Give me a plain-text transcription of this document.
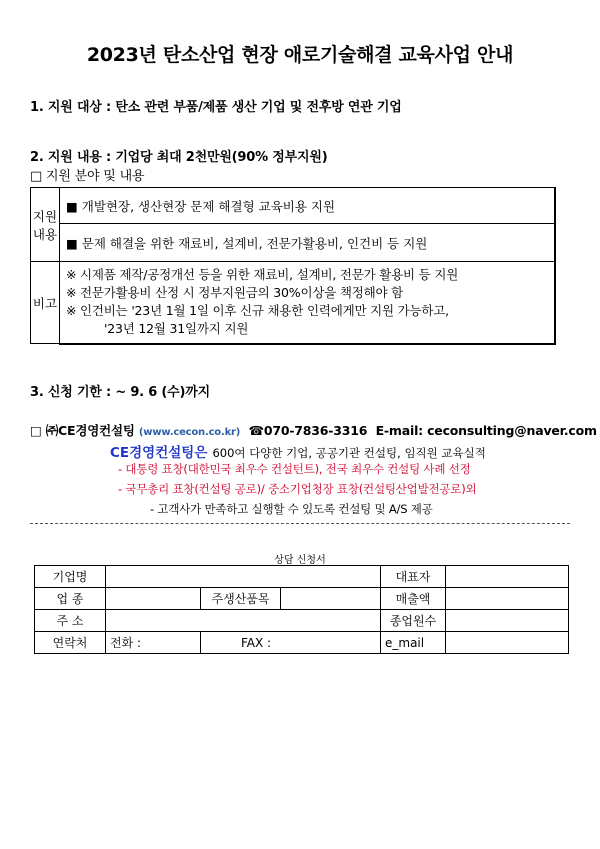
2023년 탄소산업 현장 애로기술해결 교육사업 안내
1. 지원 대상 : 탄소 관련 부품/제품 생산 기업 및 전후방 연관 기업
2. 지원 내용 : 기업당 최대 2천만원(90% 정부지원)
□ 지원 분야 및 내용
지원
내용	■ 개발현장, 생산현장 문제 해결형 교육비용 지원
	■ 문제 해결을 위한 재료비, 설계비, 전문가활용비, 인건비 등 지원
비고	※ 시제품 제작/공정개선 등을 위한 재료비, 설계비, 전문가 활용비 등 지원
※ 전문가활용비 산정 시 정부지원금의 30%이상을 책정해야 함
※ 인건비는 '23년 1월 1일 이후 신규 채용한 인력에게만 지원 가능하고,
'23년 12월 31일까지 지원
3. 신청 기한 : ~ 9. 6 (수)까지
□ ㈜CE경영컨설팅 (www.cecon.co.kr) ☎070-7836-3316 E-mail: ceconsulting@naver.com
CE경영컨설팅은 600여 다양한 기업, 공공기관 컨설팅, 임직원 교육실적
- 대통령 표창(대한민국 최우수 컨설턴트), 전국 최우수 컨설팅 사례 선정
- 국무총리 표창(컨설팅 공로)/ 중소기업청장 표창(컨설팅산업발전공로)외
- 고객사가 만족하고 실행할 수 있도록 컨설팅 및 A/S 제공
상담 신청서
기업명				대표자	
업 종		주생산품목		매출액	
주 소				종업원수	
연락처	전화 :	FAX :		e_mail	
